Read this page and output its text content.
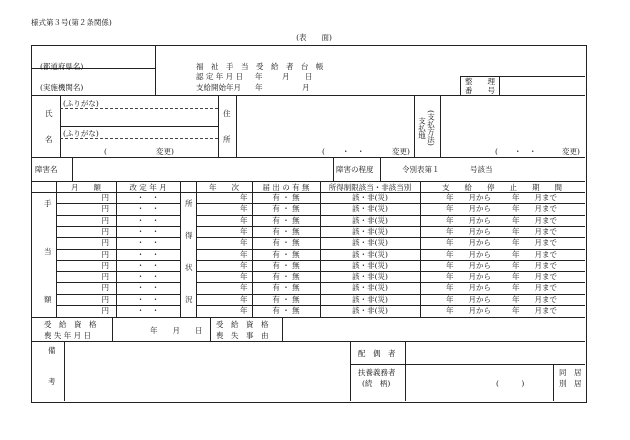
様式第３号(第２条関係)
(表　　面)
(都道府県名)
(実施機関名)
福　祉　手　当　受　給　者　台　帳
認 定 年 月 日 年	月 日
支給開始年月 年	月
整　　理
番　　号
氏
名
(ふりがな)
(ふりがな)
(	変更)
住
所
( ・　・	変更)
支払地 (支払方法)
( ・　・	変更)
障害名	障害の程度	令別表第１	号該当
月　　額	改 定 年 月	年　　次	届 出 の 有 無	所得制限該当・非該当別	支　　給　　停　　止　　期　　間
手
当
額
所
得
状
況
円	・　・	年	有 ・ 無	該・非(災)	年　　月から	年　　月まで
円	・　・	年	有 ・ 無	該・非(災)	年　　月から	年　　月まで
円	・　・	年	有 ・ 無	該・非(災)	年　　月から	年　　月まで
円	・　・	年	有 ・ 無	該・非(災)	年　　月から	年　　月まで
円	・　・	年	有 ・ 無	該・非(災)	年　　月から	年　　月まで
円	・　・	年	有 ・ 無	該・非(災)	年　　月から	年　　月まで
円	・　・	年	有 ・ 無	該・非(災)	年　　月から	年　　月まで
円	・　・	年	有 ・ 無	該・非(災)	年　　月から	年　　月まで
円	・　・	年	有 ・ 無	該・非(災)	年　　月から	年　　月まで
円	・　・	年	有 ・ 無	該・非(災)	年　　月から	年　　月まで
円	・　・	年	有 ・ 無	該・非(災)	年　　月から	年　　月まで
受　給　資　格
喪 失 年 月 日
年　　月　　日
受　給　資　格
喪　失　事　由
備
考
配　偶　者
扶養義務者
(続　柄)	(　　　)
同　居
別　居
